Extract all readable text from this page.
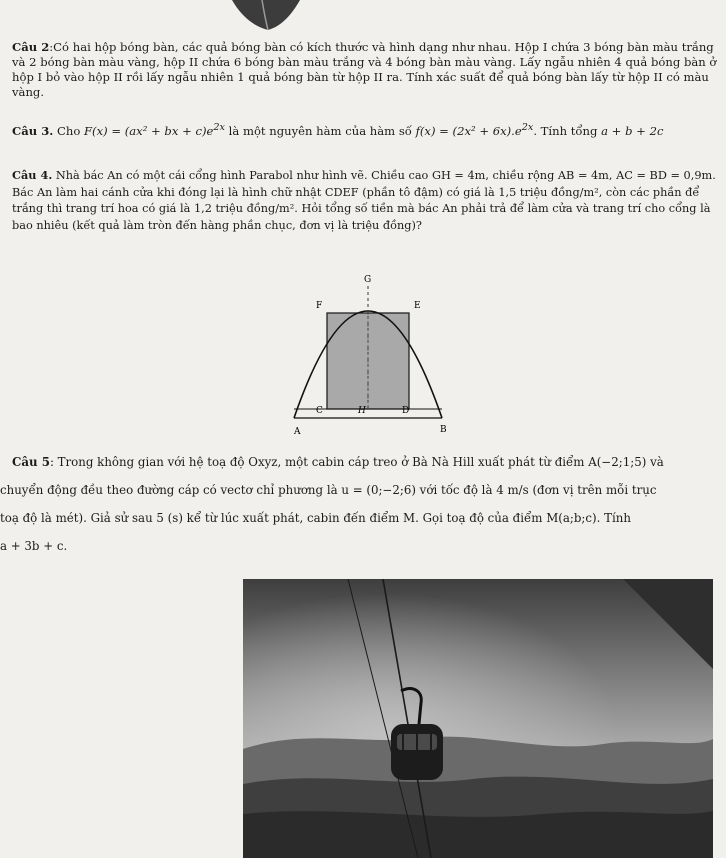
Câu 2:Có hai hộp bóng bàn, các quả bóng bàn có kích thước và hình dạng như nhau. Hộp I chứa 3 bóng bàn màu trắng và 2 bóng bàn màu vàng, hộp II chứa 6 bóng bàn màu trắng và 4 bóng bàn màu vàng. Lấy ngẫu nhiên 4 quả bóng bàn ở hộp I bỏ vào hộp II rồi lấy ngẫu nhiên 1 quả bóng bàn từ hộp II ra. Tính xác suất để quả bóng bàn lấy từ hộp II có màu vàng.

Câu 3. Cho F(x) = (ax² + bx + $c)e^{2x}$ là một nguyên hàm của hàm số $f(x) = (2x^2 + 6x).e^{2x}$. Tính tổng a + b + 2c

Câu 4. Nhà bác An có một cái cổng hình Parabol như hình vẽ. Chiều cao GH = 4m, chiều rộng AB = 4m, AC = BD = 0,9m. Bác An làm hai cánh cửa khi đóng lại là hình chữ nhật CDEF (phần tô đậm) có giá là 1,5 triệu đồng/m², còn các phần để trắng thì trang trí hoa có giá là 1,2 triệu đồng/m². Hỏi tổng số tiền mà bác An phải trả để làm cửa và trang trí cho cổng là bao nhiêu (kết quả làm tròn đến hàng phần chục, đơn vị là triệu đồng)?

G
F	E
C	H	D
A	B
Câu 5: Trong không gian với hệ toạ độ Oxyz, một cabin cáp treo ở Bà Nà Hill xuất phát từ điểm A(−2;1;5) và
chuyển động đều theo đường cáp có vectơ chỉ phương là u = (0;−2;6) với tốc độ là 4 m/s (đơn vị trên mỗi trục
toạ độ là mét). Giả sử sau 5 (s) kể từ lúc xuất phát, cabin đến điểm M. Gọi toạ độ của điểm M(a;b;c). Tính
a + 3b + c.
